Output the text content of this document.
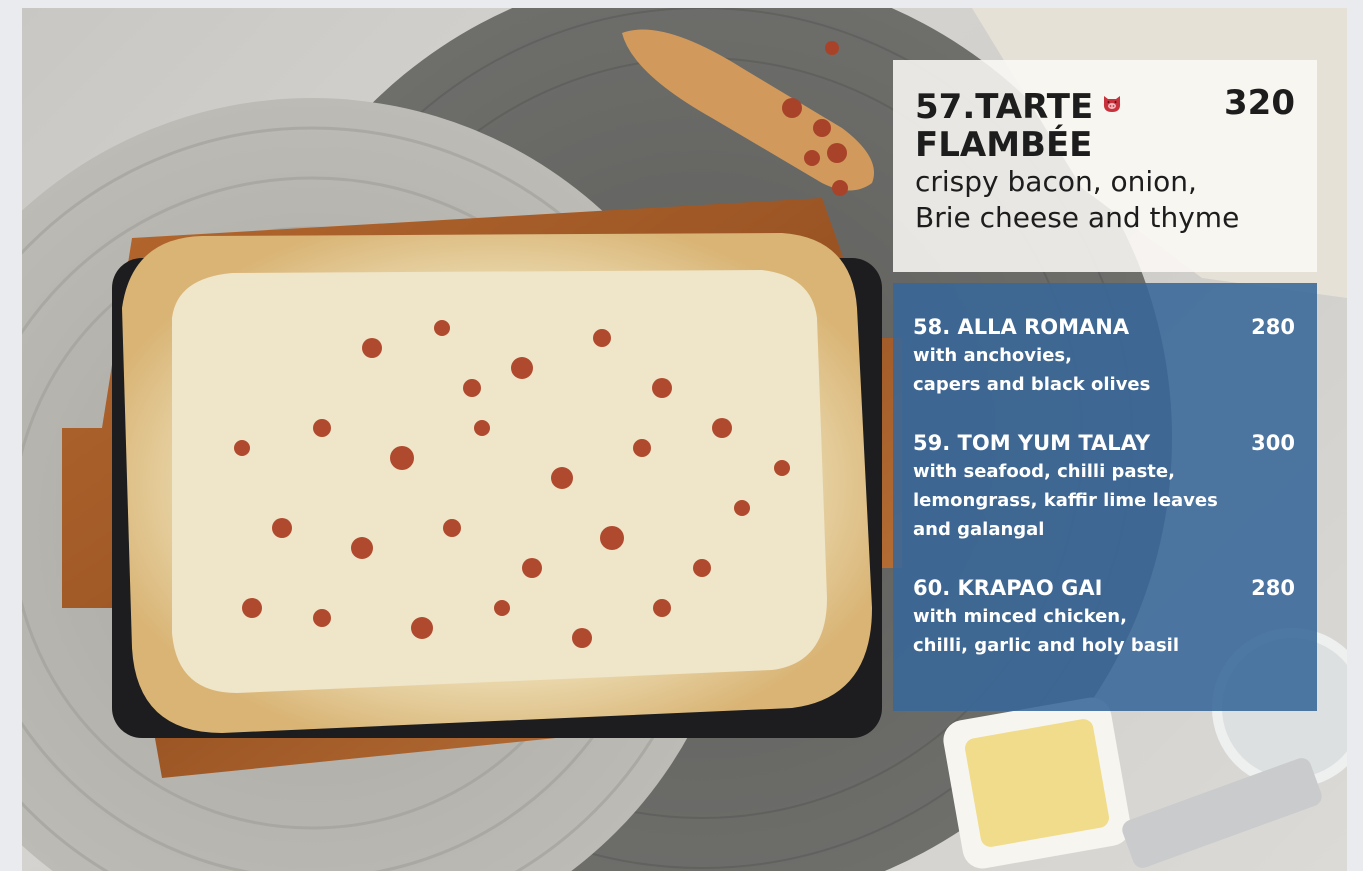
57.TARTE
FLAMBÉE
320
crispy bacon, onion,
Brie cheese and thyme
58. ALLA ROMANA	280
with anchovies,
capers and black olives
59. TOM YUM TALAY	300
with seafood, chilli paste,
lemongrass, kaffir lime leaves
and galangal
60. KRAPAO GAI	280
with minced chicken,
chilli, garlic and holy basil
